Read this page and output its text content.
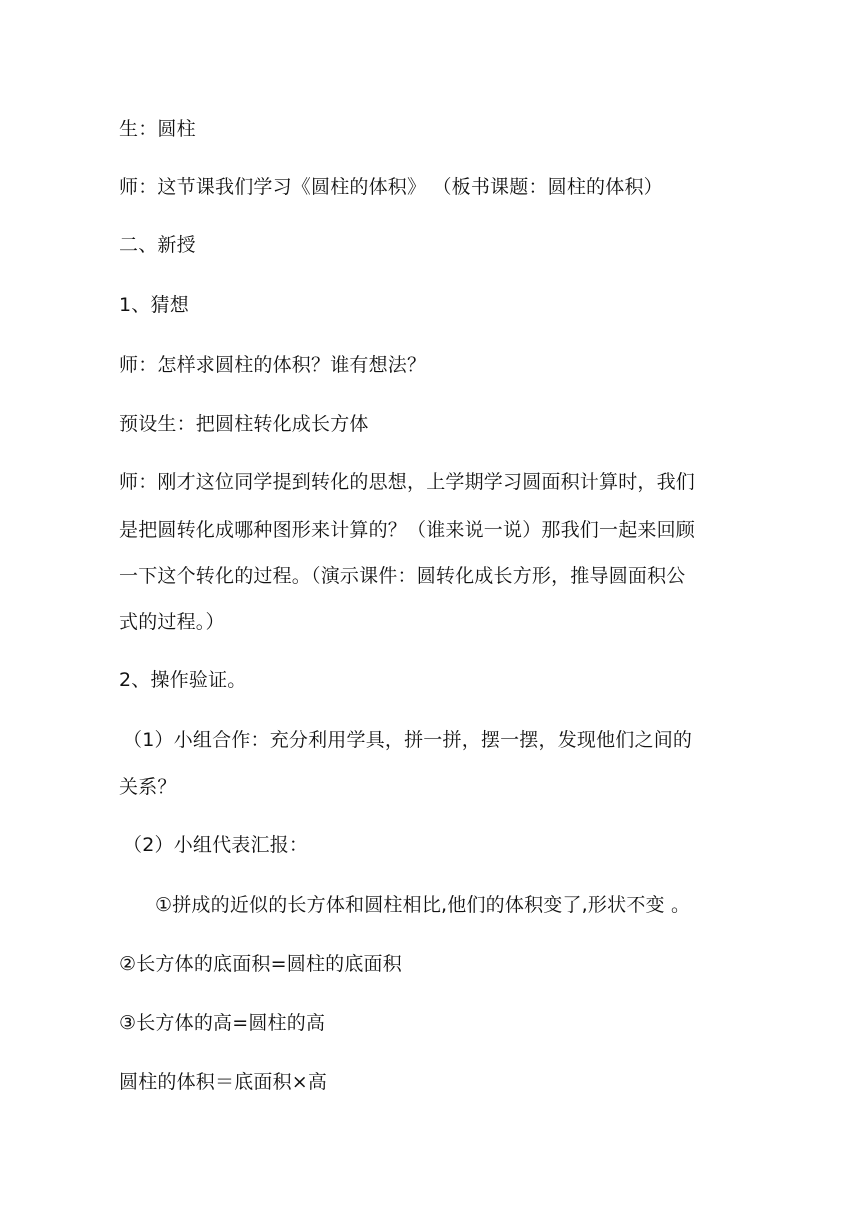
生：圆柱
师：这节课我们学习《圆柱的体积》 （板书课题：圆柱的体积）
二、新授
1、猜想
师：怎样求圆柱的体积？谁有想法？
预设生：把圆柱转化成长方体
师：刚才这位同学提到转化的思想，上学期学习圆面积计算时，我们
是把圆转化成哪种图形来计算的？（谁来说一说）那我们一起来回顾
一下这个转化的过程。（演示课件：圆转化成长方形，推导圆面积公
式的过程。）
2、操作验证。
（1）小组合作：充分利用学具，拼一拼，摆一摆，发现他们之间的
关系？
（2）小组代表汇报：
①拼成的近似的长方体和圆柱相比,他们的体积变了,形状不变 。
②长方体的底面积=圆柱的底面积
③长方体的高=圆柱的高
圆柱的体积＝底面积×高
